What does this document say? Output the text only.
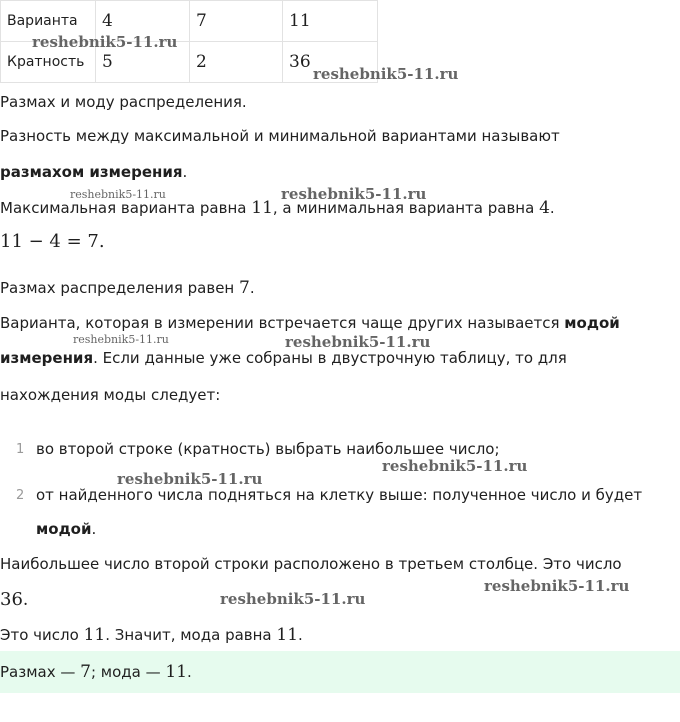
Варианта	4	7	11
Кратность	5	2	36
Размах и моду распределения.
Разность между максимальной и минимальной вариантами называют
размахом измерения.
Максимальная варианта равна 11, а минимальная варианта равна 4.
11 − 4 = 7.
Размах распределения равен 7.
Варианта, которая в измерении встречается чаще других называется модой
измерения. Если данные уже собраны в двустрочную таблицу, то для
нахождения моды следует:
1 во второй строке (кратность) выбрать наибольшее число;
2 от найденного числа подняться на клетку выше: полученное число и будет
модой.
Наибольшее число второй строки расположено в третьем столбце. Это число
36.
Это число 11. Значит, мода равна 11.
Размах — 7; мода — 11.
reshebnik5-11.ru
reshebnik5-11.ru
reshebnik5-11.ru	reshebnik5-11.ru
reshebnik5-11.ru	reshebnik5-11.ru
reshebnik5-11.ru
reshebnik5-11.ru
reshebnik5-11.ru
reshebnik5-11.ru
